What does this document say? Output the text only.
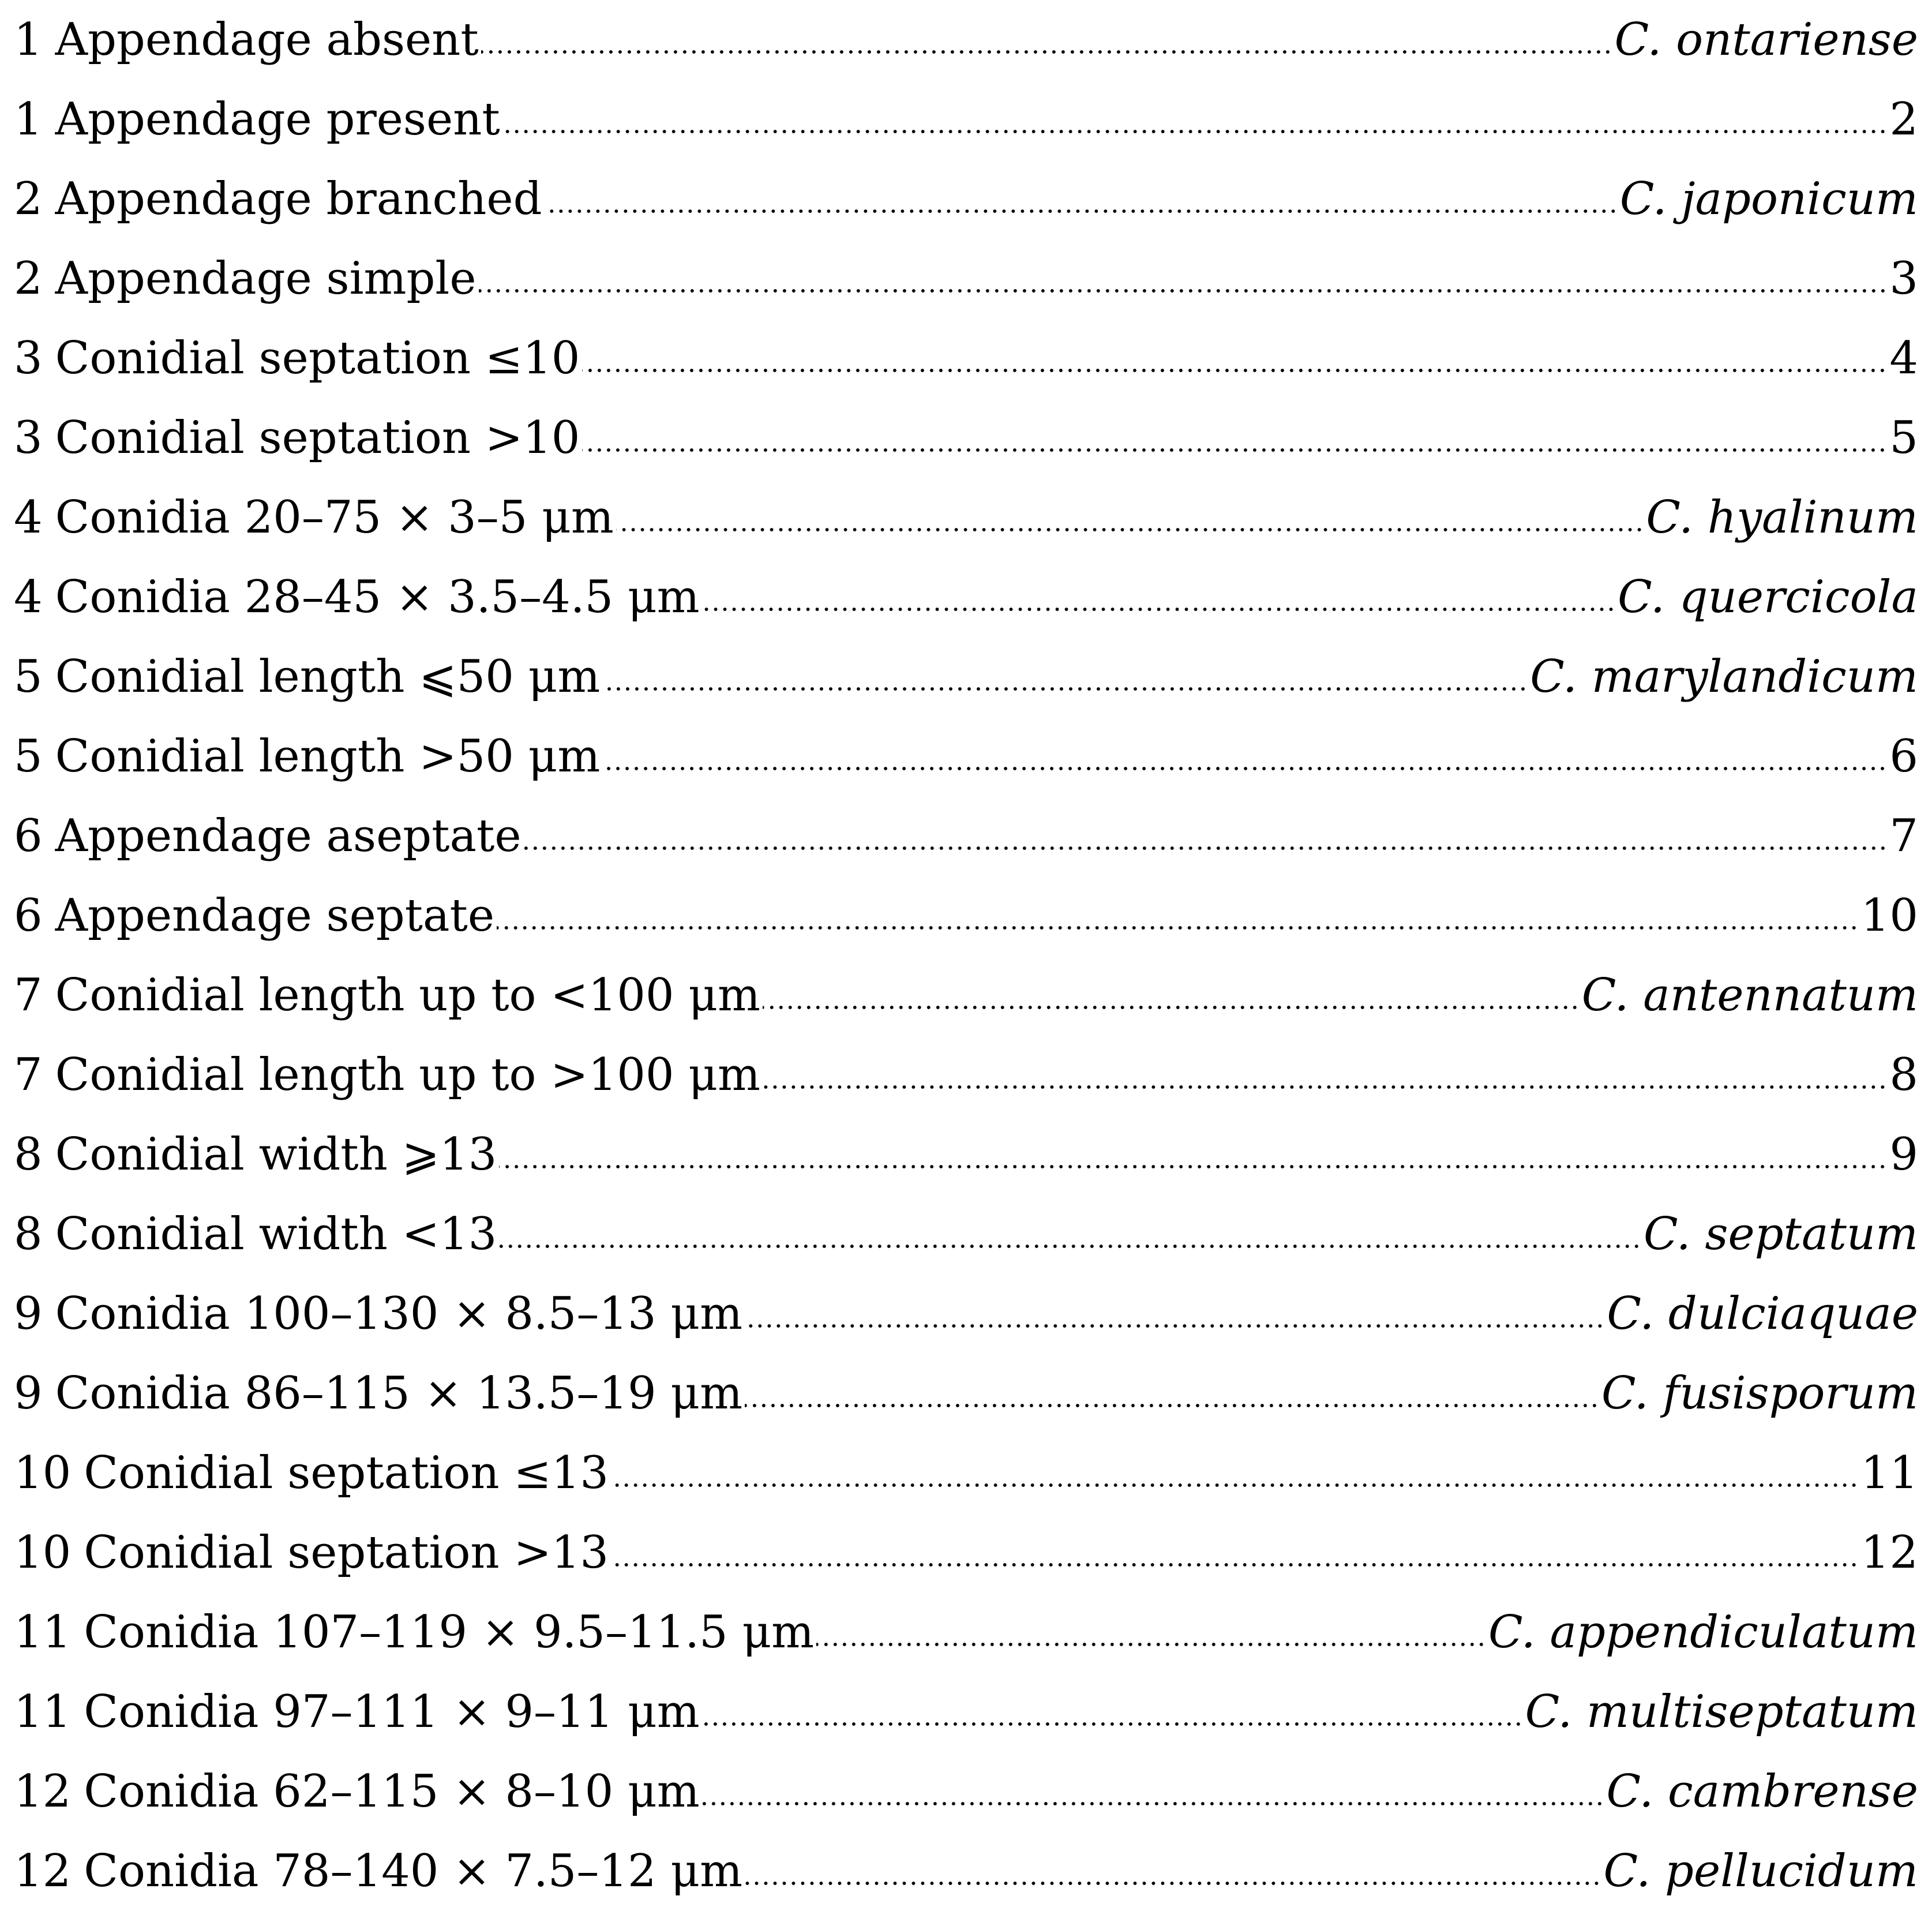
1 Appendage absent	C. ontariense
1 Appendage present	2
2 Appendage branched	C. japonicum
2 Appendage simple	3
3 Conidial septation ≤10	4
3 Conidial septation >10	5
4 Conidia 20–75 × 3–5 μm	C. hyalinum
4 Conidia 28–45 × 3.5–4.5 μm	C. quercicola
5 Conidial length ⩽50 μm	C. marylandicum
5 Conidial length >50 μm	6
6 Appendage aseptate	7
6 Appendage septate	10
7 Conidial length up to <100 μm	C. antennatum
7 Conidial length up to >100 μm	8
8 Conidial width ⩾13	9
8 Conidial width <13	C. septatum
9 Conidia 100–130 × 8.5–13 μm	C. dulciaquae
9 Conidia 86–115 × 13.5–19 μm	C. fusisporum
10 Conidial septation ≤13	11
10 Conidial septation >13	12
11 Conidia 107–119 × 9.5–11.5 μm	C. appendiculatum
11 Conidia 97–111 × 9–11 μm	C. multiseptatum
12 Conidia 62–115 × 8–10 μm	C. cambrense
12 Conidia 78–140 × 7.5–12 μm	C. pellucidum
